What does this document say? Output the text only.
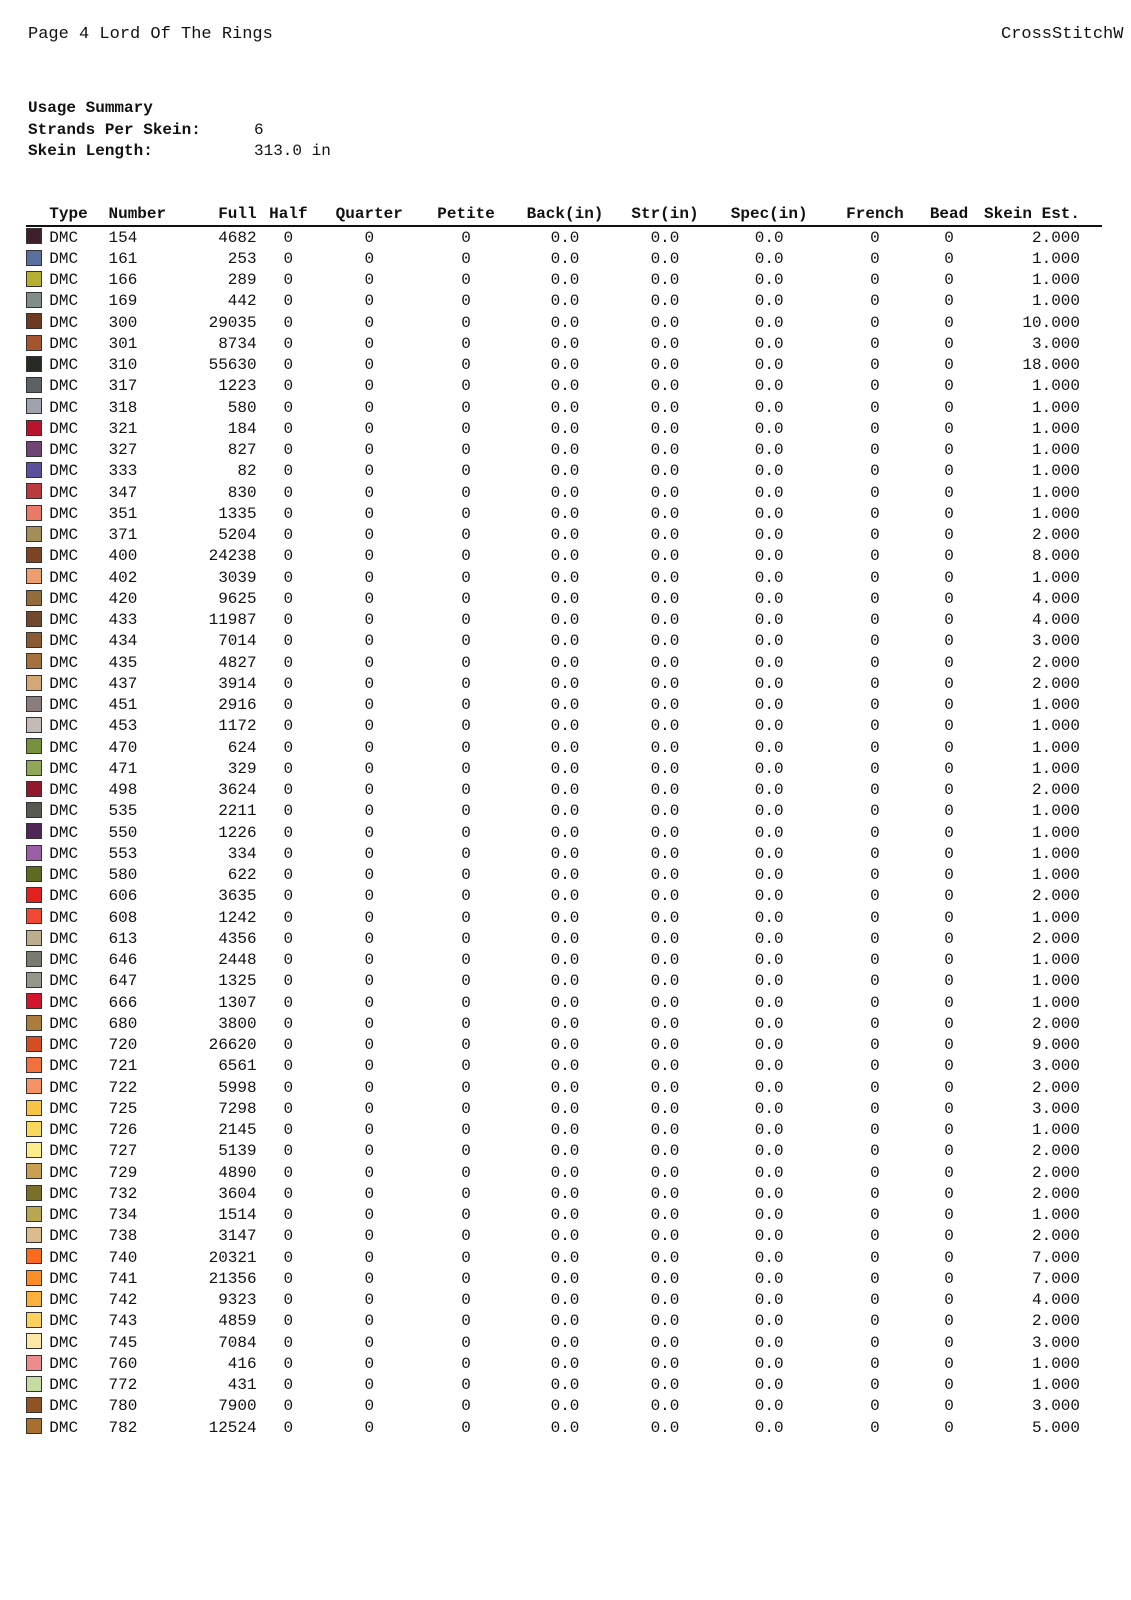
Page 4 Lord Of The Rings	CrossStitchW
Usage Summary
Strands Per Skein:	6
Skein Length:	313.0 in
	Type	Number	Full	Half	Quarter	Petite	Back(in)	Str(in)	Spec(in)	French	Bead	Skein Est.
	DMC	154	4682	0	0	0	0.0	0.0	0.0	0	0	2.000
	DMC	161	253	0	0	0	0.0	0.0	0.0	0	0	1.000
	DMC	166	289	0	0	0	0.0	0.0	0.0	0	0	1.000
	DMC	169	442	0	0	0	0.0	0.0	0.0	0	0	1.000
	DMC	300	29035	0	0	0	0.0	0.0	0.0	0	0	10.000
	DMC	301	8734	0	0	0	0.0	0.0	0.0	0	0	3.000
	DMC	310	55630	0	0	0	0.0	0.0	0.0	0	0	18.000
	DMC	317	1223	0	0	0	0.0	0.0	0.0	0	0	1.000
	DMC	318	580	0	0	0	0.0	0.0	0.0	0	0	1.000
	DMC	321	184	0	0	0	0.0	0.0	0.0	0	0	1.000
	DMC	327	827	0	0	0	0.0	0.0	0.0	0	0	1.000
	DMC	333	82	0	0	0	0.0	0.0	0.0	0	0	1.000
	DMC	347	830	0	0	0	0.0	0.0	0.0	0	0	1.000
	DMC	351	1335	0	0	0	0.0	0.0	0.0	0	0	1.000
	DMC	371	5204	0	0	0	0.0	0.0	0.0	0	0	2.000
	DMC	400	24238	0	0	0	0.0	0.0	0.0	0	0	8.000
	DMC	402	3039	0	0	0	0.0	0.0	0.0	0	0	1.000
	DMC	420	9625	0	0	0	0.0	0.0	0.0	0	0	4.000
	DMC	433	11987	0	0	0	0.0	0.0	0.0	0	0	4.000
	DMC	434	7014	0	0	0	0.0	0.0	0.0	0	0	3.000
	DMC	435	4827	0	0	0	0.0	0.0	0.0	0	0	2.000
	DMC	437	3914	0	0	0	0.0	0.0	0.0	0	0	2.000
	DMC	451	2916	0	0	0	0.0	0.0	0.0	0	0	1.000
	DMC	453	1172	0	0	0	0.0	0.0	0.0	0	0	1.000
	DMC	470	624	0	0	0	0.0	0.0	0.0	0	0	1.000
	DMC	471	329	0	0	0	0.0	0.0	0.0	0	0	1.000
	DMC	498	3624	0	0	0	0.0	0.0	0.0	0	0	2.000
	DMC	535	2211	0	0	0	0.0	0.0	0.0	0	0	1.000
	DMC	550	1226	0	0	0	0.0	0.0	0.0	0	0	1.000
	DMC	553	334	0	0	0	0.0	0.0	0.0	0	0	1.000
	DMC	580	622	0	0	0	0.0	0.0	0.0	0	0	1.000
	DMC	606	3635	0	0	0	0.0	0.0	0.0	0	0	2.000
	DMC	608	1242	0	0	0	0.0	0.0	0.0	0	0	1.000
	DMC	613	4356	0	0	0	0.0	0.0	0.0	0	0	2.000
	DMC	646	2448	0	0	0	0.0	0.0	0.0	0	0	1.000
	DMC	647	1325	0	0	0	0.0	0.0	0.0	0	0	1.000
	DMC	666	1307	0	0	0	0.0	0.0	0.0	0	0	1.000
	DMC	680	3800	0	0	0	0.0	0.0	0.0	0	0	2.000
	DMC	720	26620	0	0	0	0.0	0.0	0.0	0	0	9.000
	DMC	721	6561	0	0	0	0.0	0.0	0.0	0	0	3.000
	DMC	722	5998	0	0	0	0.0	0.0	0.0	0	0	2.000
	DMC	725	7298	0	0	0	0.0	0.0	0.0	0	0	3.000
	DMC	726	2145	0	0	0	0.0	0.0	0.0	0	0	1.000
	DMC	727	5139	0	0	0	0.0	0.0	0.0	0	0	2.000
	DMC	729	4890	0	0	0	0.0	0.0	0.0	0	0	2.000
	DMC	732	3604	0	0	0	0.0	0.0	0.0	0	0	2.000
	DMC	734	1514	0	0	0	0.0	0.0	0.0	0	0	1.000
	DMC	738	3147	0	0	0	0.0	0.0	0.0	0	0	2.000
	DMC	740	20321	0	0	0	0.0	0.0	0.0	0	0	7.000
	DMC	741	21356	0	0	0	0.0	0.0	0.0	0	0	7.000
	DMC	742	9323	0	0	0	0.0	0.0	0.0	0	0	4.000
	DMC	743	4859	0	0	0	0.0	0.0	0.0	0	0	2.000
	DMC	745	7084	0	0	0	0.0	0.0	0.0	0	0	3.000
	DMC	760	416	0	0	0	0.0	0.0	0.0	0	0	1.000
	DMC	772	431	0	0	0	0.0	0.0	0.0	0	0	1.000
	DMC	780	7900	0	0	0	0.0	0.0	0.0	0	0	3.000
	DMC	782	12524	0	0	0	0.0	0.0	0.0	0	0	5.000
